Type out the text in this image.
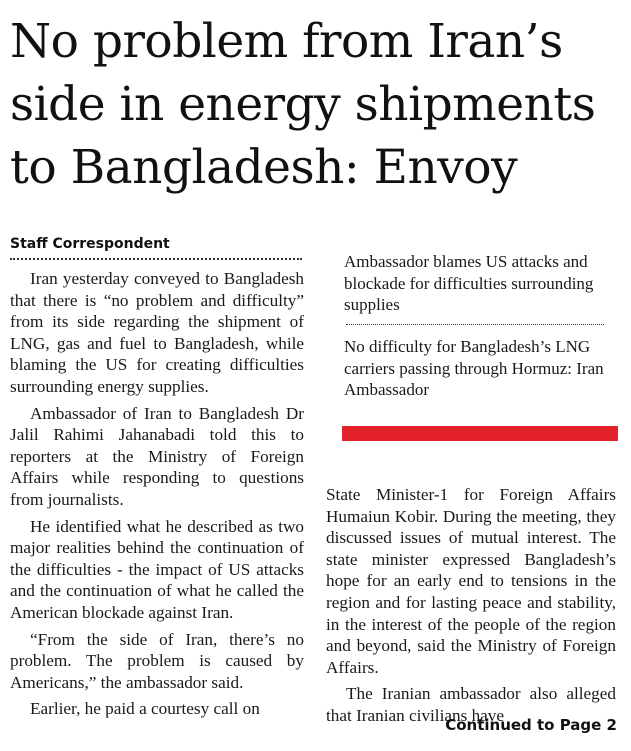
No problem from Iran’s side in energy shipments to Bangladesh: Envoy
Staff Correspondent

Iran yesterday conveyed to Bangladesh that there is “no problem and difficulty” from its side regarding the shipment of LNG, gas and fuel to Bangladesh, while blaming the US for creating difficulties surrounding energy supplies.

Ambassador of Iran to Bangladesh Dr Jalil Rahimi Jahanabadi told this to reporters at the Ministry of Foreign Affairs while responding to questions from journalists.

He identified what he described as two major realities behind the continuation of the difficulties - the impact of US attacks and the continuation of what he called the American blockade against Iran.

“From the side of Iran, there’s no problem. The problem is caused by Americans,” the ambassador said.

Earlier, he paid a courtesy call on

Ambassador blames US attacks and blockade for difficulties surrounding supplies
No difficulty for Bangladesh’s LNG carriers passing through Hormuz: Iran Ambassador

State Minister-1 for Foreign Affairs Humaiun Kobir. During the meeting, they discussed issues of mutual interest. The state minister expressed Bangladesh’s hope for an early end to tensions in the region and for lasting peace and stability, in the interest of the people of the region and beyond, said the Ministry of Foreign Affairs.

The Iranian ambassador also alleged that Iranian civilians have

Continued to Page 2
